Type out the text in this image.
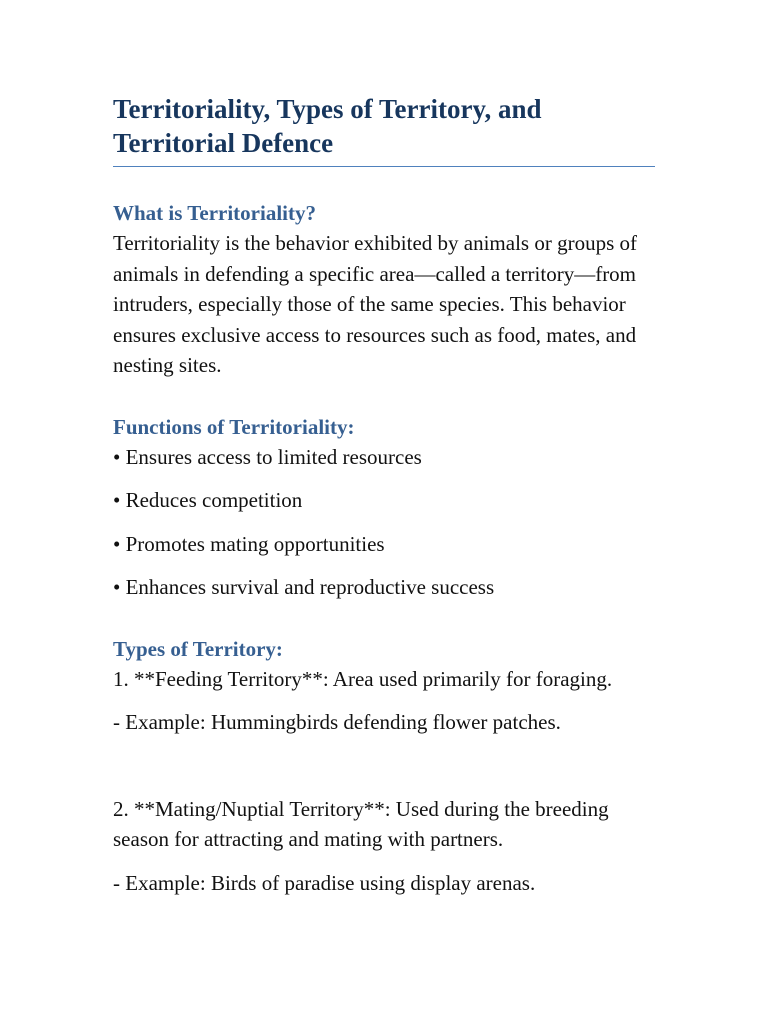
Territoriality, Types of Territory, and Territorial Defence
What is Territoriality?

Territoriality is the behavior exhibited by animals or groups of animals in defending a specific area—called a territory—from intruders, especially those of the same species. This behavior ensures exclusive access to resources such as food, mates, and nesting sites.

Functions of Territoriality:

• Ensures access to limited resources

• Reduces competition

• Promotes mating opportunities

• Enhances survival and reproductive success

Types of Territory:

1. **Feeding Territory**: Area used primarily for foraging.

- Example: Hummingbirds defending flower patches.

2. **Mating/Nuptial Territory**: Used during the breeding season for attracting and mating with partners.

- Example: Birds of paradise using display arenas.
